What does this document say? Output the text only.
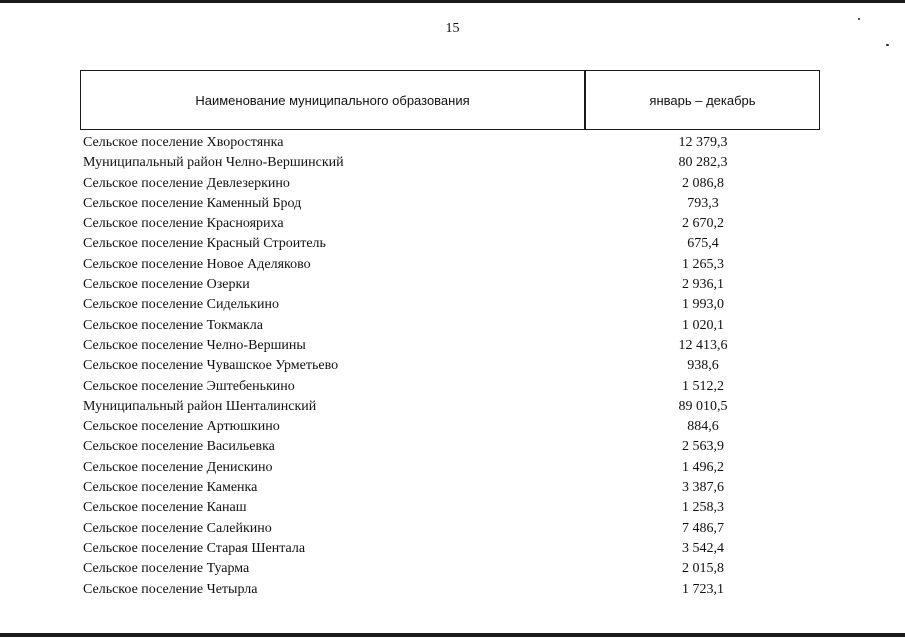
15
Наименование муниципального образования	январь – декабрь
Сельское поселение Хворостянка	12 379,3
Муниципальный район Челно-Вершинский	80 282,3
Сельское поселение Девлезеркино	2 086,8
Сельское поселение Каменный Брод	793,3
Сельское поселение Краснояриха	2 670,2
Сельское поселение Красный Строитель	675,4
Сельское поселение Новое Аделяково	1 265,3
Сельское поселение Озерки	2 936,1
Сельское поселение Сиделькино	1 993,0
Сельское поселение Токмакла	1 020,1
Сельское поселение Челно-Вершины	12 413,6
Сельское поселение Чувашское Урметьево	938,6
Сельское поселение Эштебенькино	1 512,2
Муниципальный район Шенталинский	89 010,5
Сельское поселение Артюшкино	884,6
Сельское поселение Васильевка	2 563,9
Сельское поселение Денискино	1 496,2
Сельское поселение Каменка	3 387,6
Сельское поселение Канаш	1 258,3
Сельское поселение Салейкино	7 486,7
Сельское поселение Старая Шентала	3 542,4
Сельское поселение Туарма	2 015,8
Сельское поселение Четырла	1 723,1
